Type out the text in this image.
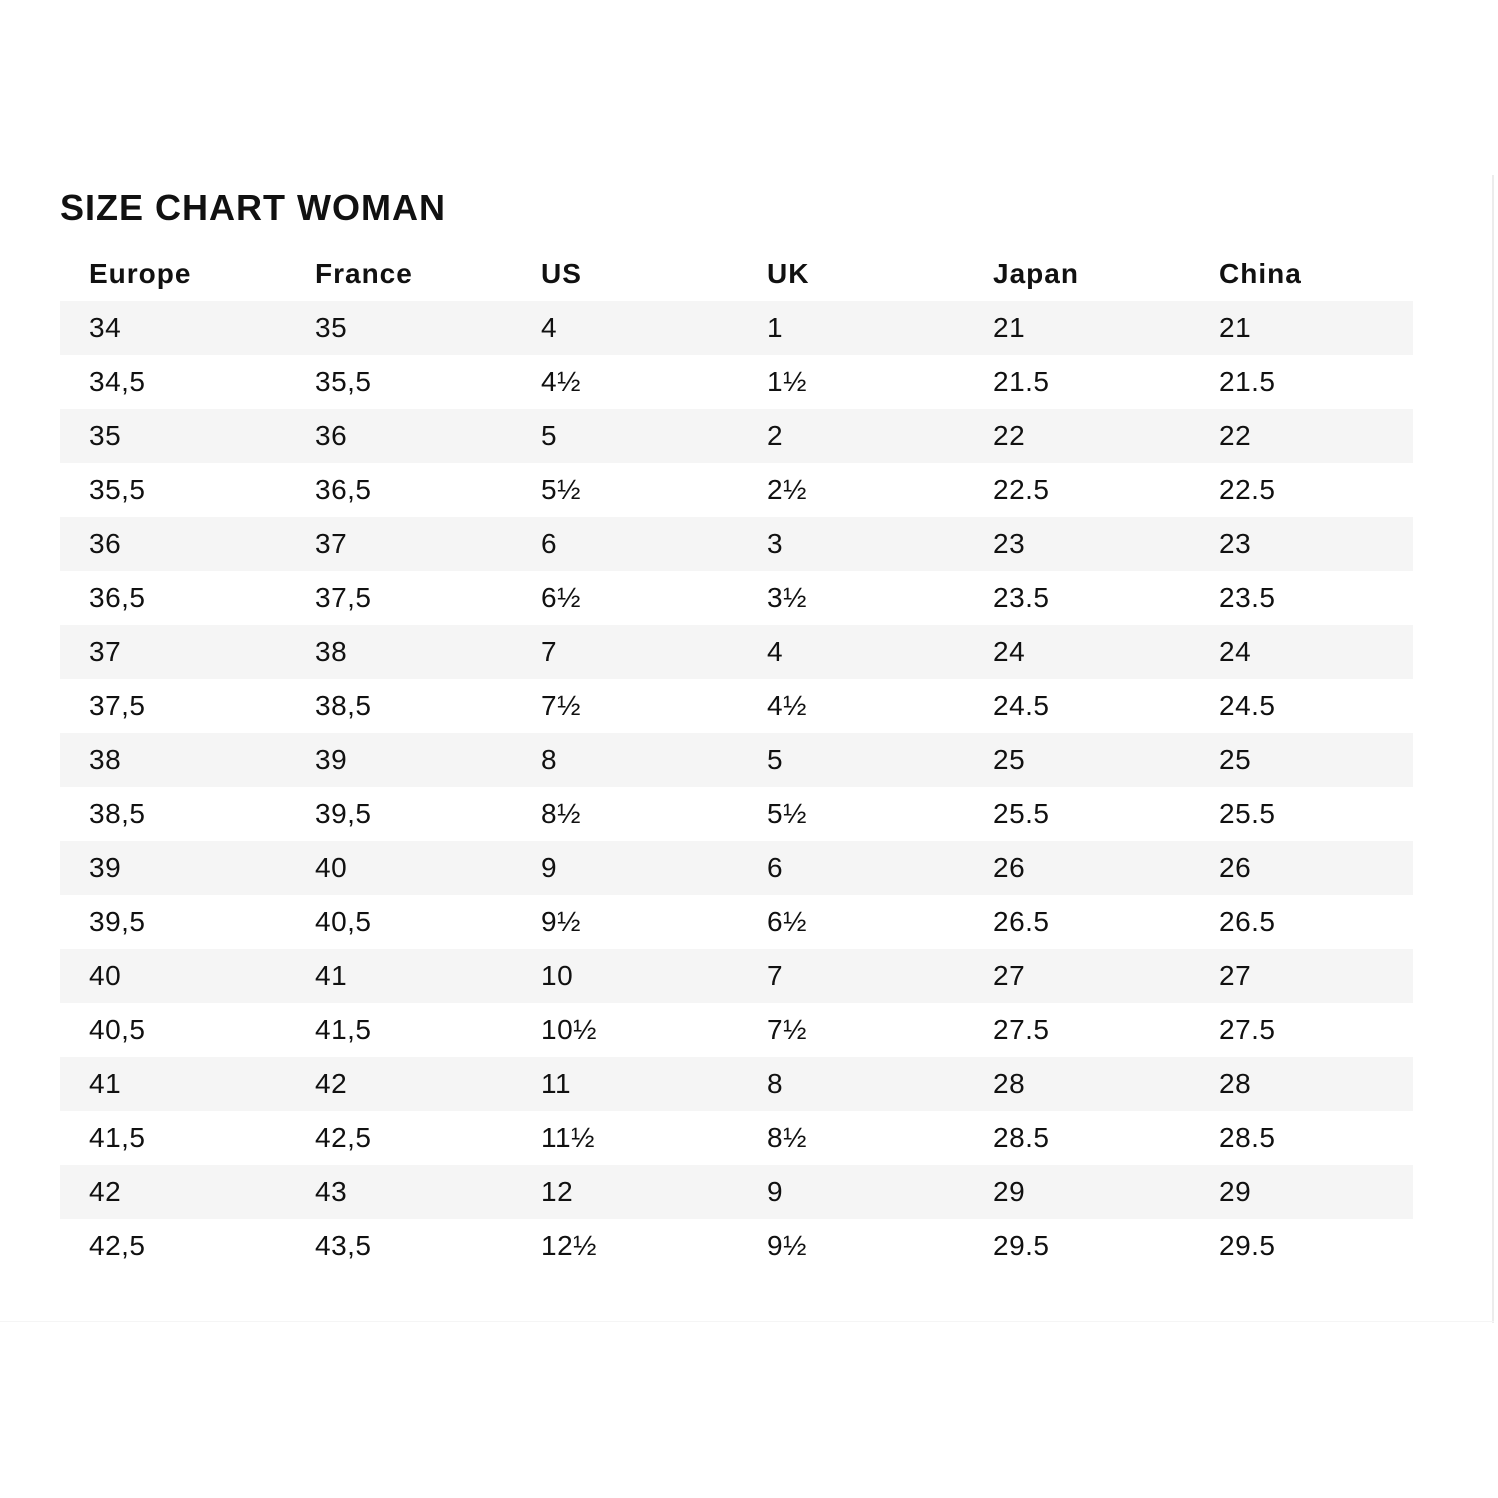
SIZE CHART WOMAN
Europe	France	US	UK	Japan	China
34	35	4	1	21	21
34,5	35,5	4½	1½	21.5	21.5
35	36	5	2	22	22
35,5	36,5	5½	2½	22.5	22.5
36	37	6	3	23	23
36,5	37,5	6½	3½	23.5	23.5
37	38	7	4	24	24
37,5	38,5	7½	4½	24.5	24.5
38	39	8	5	25	25
38,5	39,5	8½	5½	25.5	25.5
39	40	9	6	26	26
39,5	40,5	9½	6½	26.5	26.5
40	41	10	7	27	27
40,5	41,5	10½	7½	27.5	27.5
41	42	11	8	28	28
41,5	42,5	11½	8½	28.5	28.5
42	43	12	9	29	29
42,5	43,5	12½	9½	29.5	29.5
